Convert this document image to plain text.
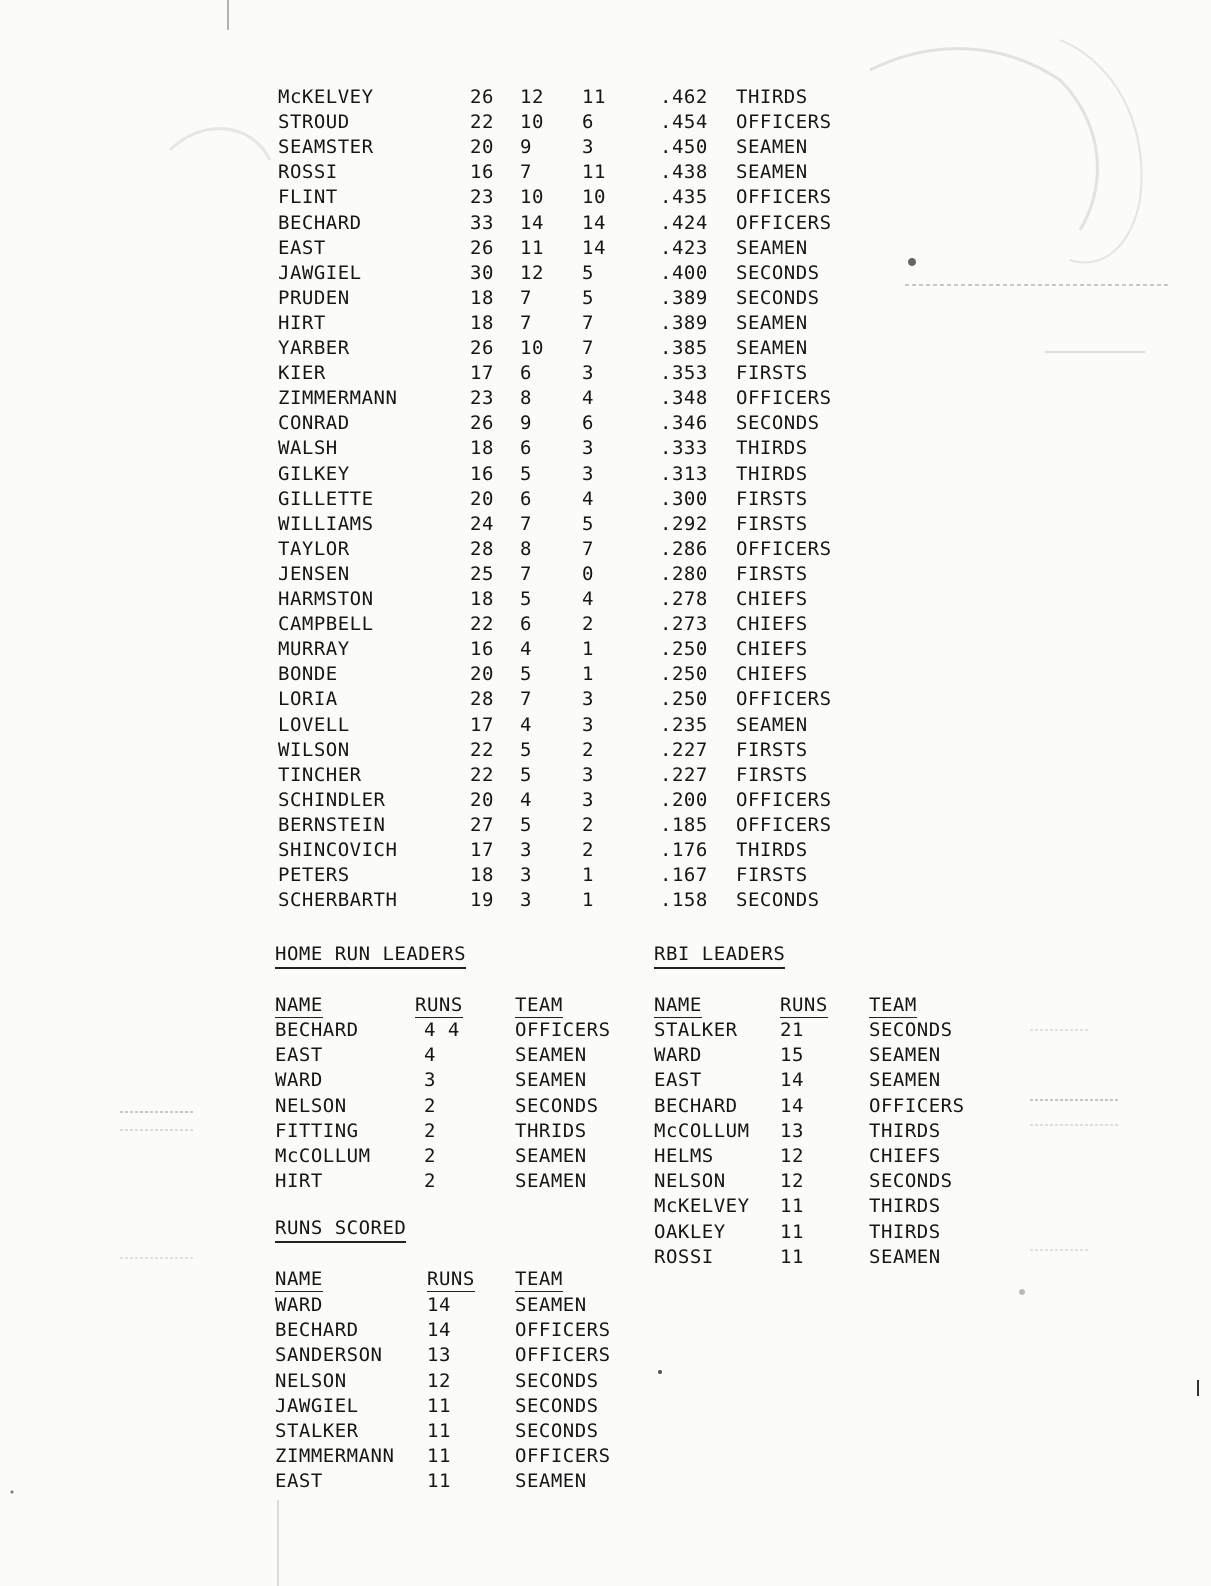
McKELVEY	26 12 11	.462 THIRDS
STROUD	22 10 6	.454 OFFICERS
SEAMSTER	20 9	3	.450 SEAMEN
ROSSI	16 7	11	.438 SEAMEN
FLINT	23 10 10	.435 OFFICERS
BECHARD	33 14 14	.424 OFFICERS
EAST	26 11 14	.423 SEAMEN
JAWGIEL	30 12 5	.400 SECONDS
PRUDEN	18 7	5	.389 SECONDS
HIRT	18 7	7	.389 SEAMEN
YARBER	26 10 7	.385 SEAMEN
KIER	17 6	3	.353 FIRSTS
ZIMMERMANN	23 8	4	.348 OFFICERS
CONRAD	26 9	6	.346 SECONDS
WALSH	18 6	3	.333 THIRDS
GILKEY	16 5	3	.313 THIRDS
GILLETTE	20 6	4	.300 FIRSTS
WILLIAMS	24 7	5	.292 FIRSTS
TAYLOR	28 8	7	.286 OFFICERS
JENSEN	25 7	0	.280 FIRSTS
HARMSTON	18 5	4	.278 CHIEFS
CAMPBELL	22 6	2	.273 CHIEFS
MURRAY	16 4	1	.250 CHIEFS
BONDE	20 5	1	.250 CHIEFS
LORIA	28 7	3	.250 OFFICERS
LOVELL	17 4	3	.235 SEAMEN
WILSON	22 5	2	.227 FIRSTS
TINCHER	22 5	3	.227 FIRSTS
SCHINDLER	20 4	3	.200 OFFICERS
BERNSTEIN	27 5	2	.185 OFFICERS
SHINCOVICH	17 3	2	.176 THIRDS
PETERS	18 3	1	.167 FIRSTS
SCHERBARTH	19 3	1	.158 SECONDS
HOME RUN LEADERS
NAME	RUNS	TEAM
BECHARD	4 4	OFFICERS
EAST	4	SEAMEN
WARD	3	SEAMEN
NELSON	2	SECONDS
FITTING	2	THRIDS
McCOLLUM	2	SEAMEN
HIRT	2	SEAMEN
RUNS SCORED
NAME	RUNS TEAM
WARD	14	SEAMEN
BECHARD	14	OFFICERS
SANDERSON 13	OFFICERS
NELSON	12	SECONDS
JAWGIEL	11	SECONDS
STALKER	11	SECONDS
ZIMMERMANN 11	OFFICERS
EAST	11	SEAMEN
RBI LEADERS
NAME	RUNS TEAM
STALKER 21	SECONDS
WARD	15	SEAMEN
EAST	14	SEAMEN
BECHARD 14	OFFICERS
McCOLLUM 13	THIRDS
HELMS	12	CHIEFS
NELSON	12	SECONDS
McKELVEY 11	THIRDS
OAKLEY	11	THIRDS
ROSSI	11	SEAMEN
